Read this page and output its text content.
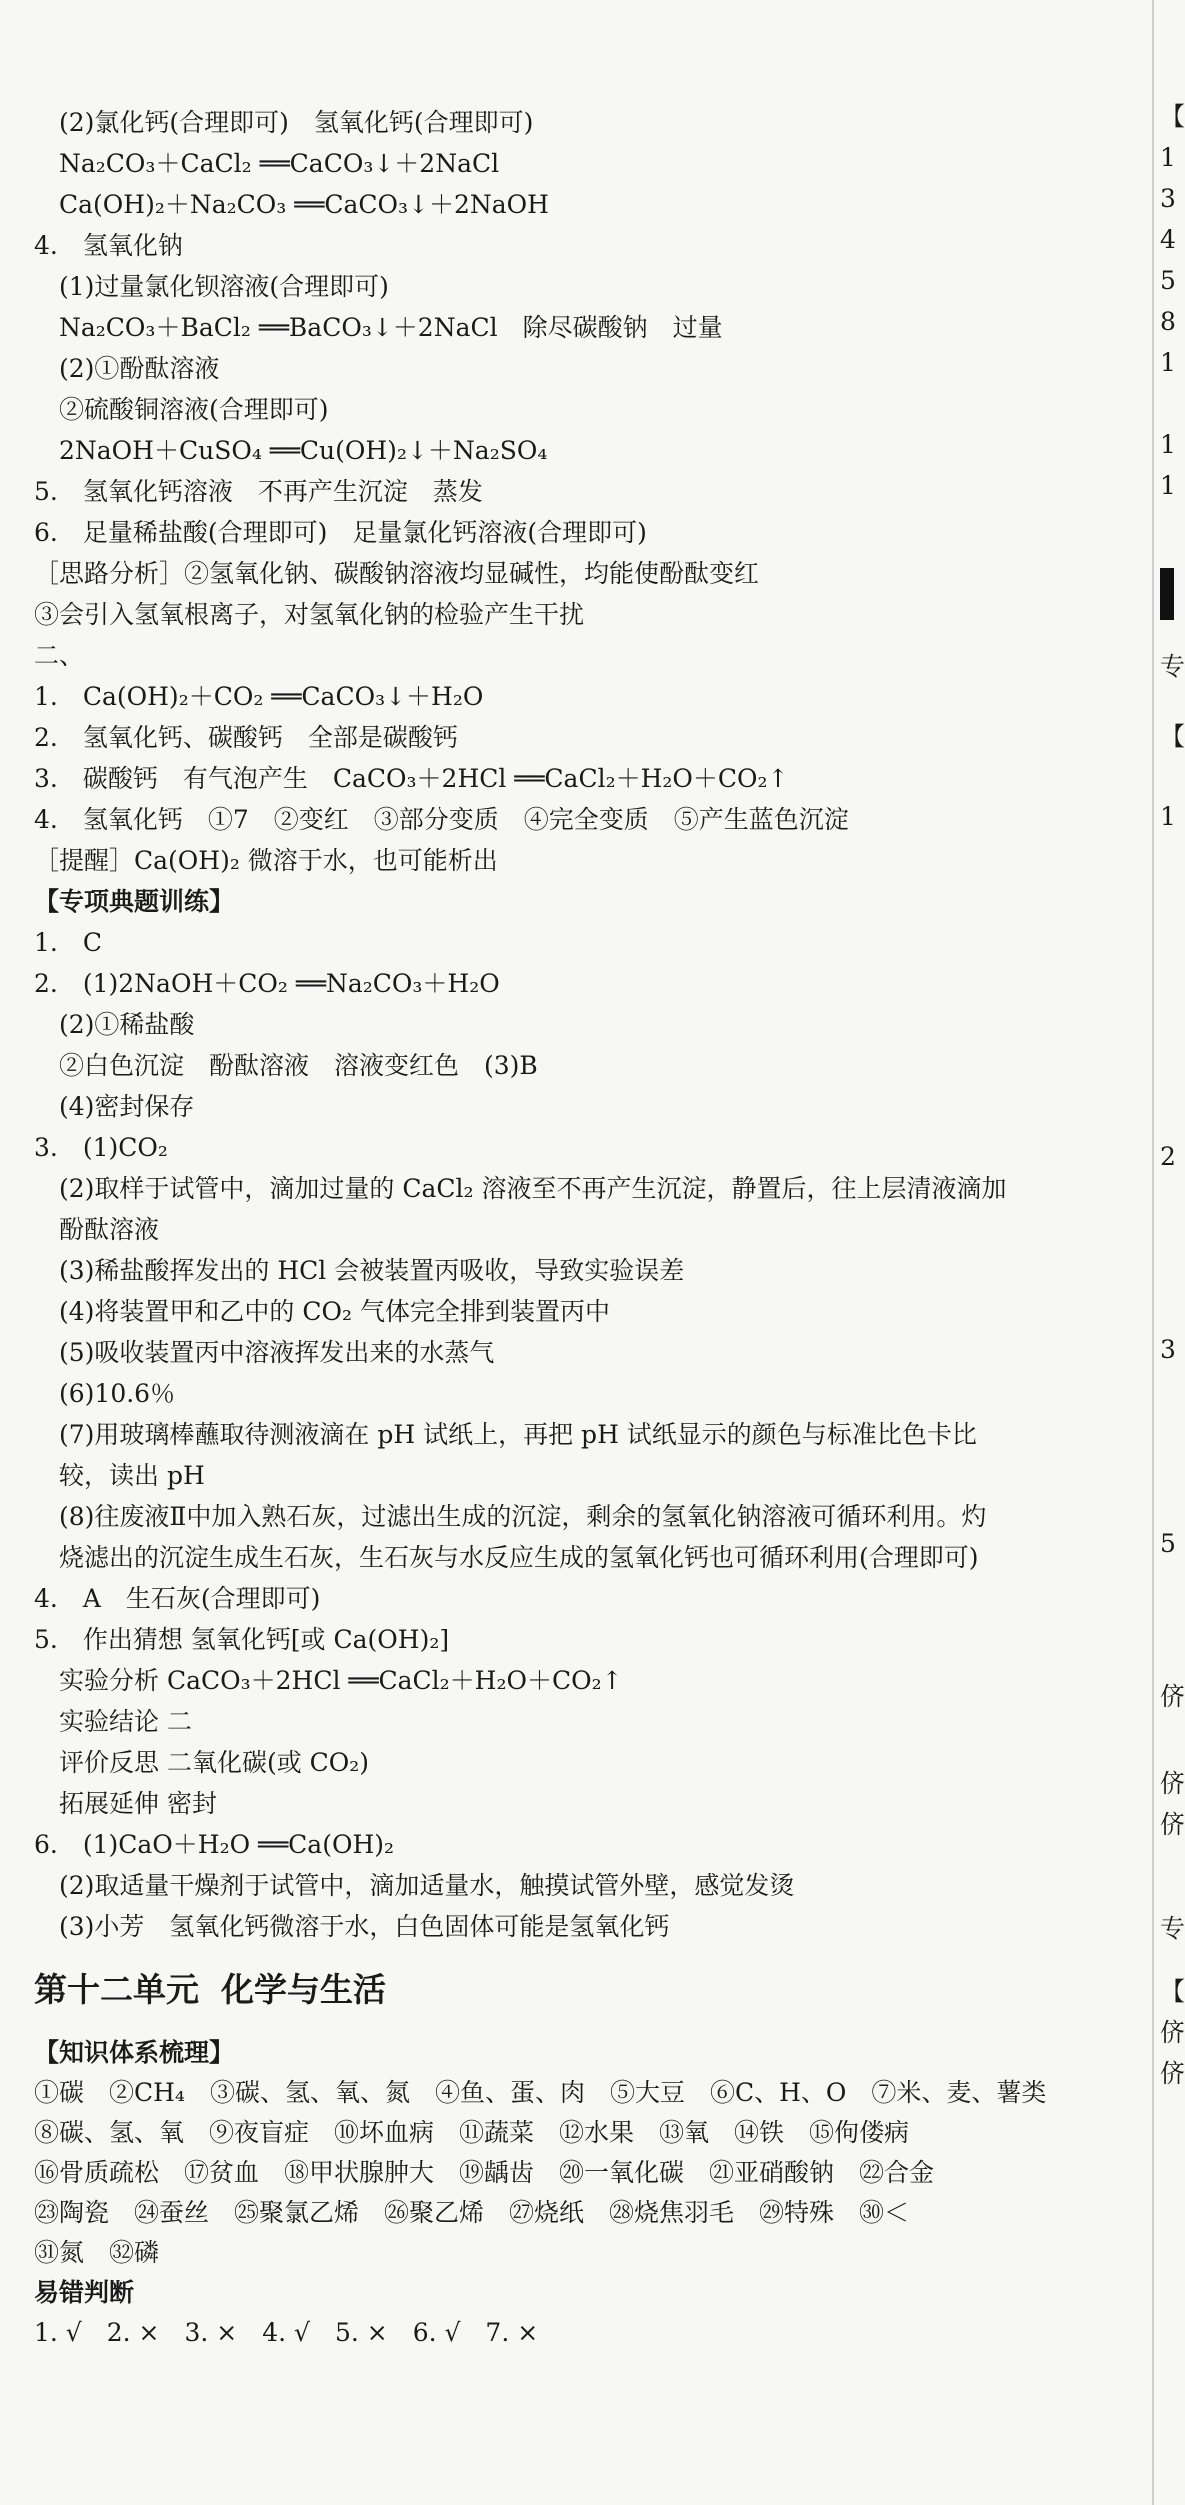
　(2)氯化钙(合理即可)　氢氧化钙(合理即可)
　Na₂CO₃＋CaCl₂ ══CaCO₃↓＋2NaCl
　Ca(OH)₂＋Na₂CO₃ ══CaCO₃↓＋2NaOH
4.　氢氧化钠
　(1)过量氯化钡溶液(合理即可)
　Na₂CO₃＋BaCl₂ ══BaCO₃↓＋2NaCl　除尽碳酸钠　过量
　(2)①酚酞溶液
　②硫酸铜溶液(合理即可)
　2NaOH＋CuSO₄ ══Cu(OH)₂↓＋Na₂SO₄
5.　氢氧化钙溶液　不再产生沉淀　蒸发
6.　足量稀盐酸(合理即可)　足量氯化钙溶液(合理即可)
［思路分析］②氢氧化钠、碳酸钠溶液均显碱性，均能使酚酞变红
③会引入氢氧根离子，对氢氧化钠的检验产生干扰
二、
1.　Ca(OH)₂＋CO₂ ══CaCO₃↓＋H₂O
2.　氢氧化钙、碳酸钙　全部是碳酸钙
3.　碳酸钙　有气泡产生　CaCO₃＋2HCl ══CaCl₂＋H₂O＋CO₂↑
4.　氢氧化钙　①7　②变红　③部分变质　④完全变质　⑤产生蓝色沉淀
［提醒］Ca(OH)₂ 微溶于水，也可能析出
【专项典题训练】
1.　C
2.　(1)2NaOH＋CO₂ ══Na₂CO₃＋H₂O
　(2)①稀盐酸
　②白色沉淀　酚酞溶液　溶液变红色　(3)B
　(4)密封保存
3.　(1)CO₂
　(2)取样于试管中，滴加过量的 CaCl₂ 溶液至不再产生沉淀，静置后，往上层清液滴加
　酚酞溶液
　(3)稀盐酸挥发出的 HCl 会被装置丙吸收，导致实验误差
　(4)将装置甲和乙中的 CO₂ 气体完全排到装置丙中
　(5)吸收装置丙中溶液挥发出来的水蒸气
　(6)10.6％
　(7)用玻璃棒蘸取待测液滴在 pH 试纸上，再把 pH 试纸显示的颜色与标准比色卡比
　较，读出 pH
　(8)往废液Ⅱ中加入熟石灰，过滤出生成的沉淀，剩余的氢氧化钠溶液可循环利用。灼
　烧滤出的沉淀生成生石灰，生石灰与水反应生成的氢氧化钙也可循环利用(合理即可)
4.　A　生石灰(合理即可)
5.　作出猜想 氢氧化钙[或 Ca(OH)₂]
　实验分析 CaCO₃＋2HCl ══CaCl₂＋H₂O＋CO₂↑
　实验结论 二
　评价反思 二氧化碳(或 CO₂)
　拓展延伸 密封
6.　(1)CaO＋H₂O ══Ca(OH)₂
　(2)取适量干燥剂于试管中，滴加适量水，触摸试管外壁，感觉发烫
　(3)小芳　氢氧化钙微溶于水，白色固体可能是氢氧化钙
第十二单元 化学与生活
【知识体系梳理】
①碳　②CH₄　③碳、氢、氧、氮　④鱼、蛋、肉　⑤大豆　⑥C、H、O　⑦米、麦、薯类
⑧碳、氢、氧　⑨夜盲症　⑩坏血病　⑪蔬菜　⑫水果　⑬氧　⑭铁　⑮佝偻病
⑯骨质疏松　⑰贫血　⑱甲状腺肿大　⑲龋齿　⑳一氧化碳　㉑亚硝酸钠　㉒合金
㉓陶瓷　㉔蚕丝　㉕聚氯乙烯　㉖聚乙烯　㉗烧纸　㉘烧焦羽毛　㉙特殊　㉚＜
㉛氮　㉜磷
易错判断
1. √　2. ×　3. ×　4. √　5. ×　6. √　7. ×
【
1
3
4
5
8
1
1
1
专
【
1
2
3
5
侪
侪
侪
专
【
侪
侪
